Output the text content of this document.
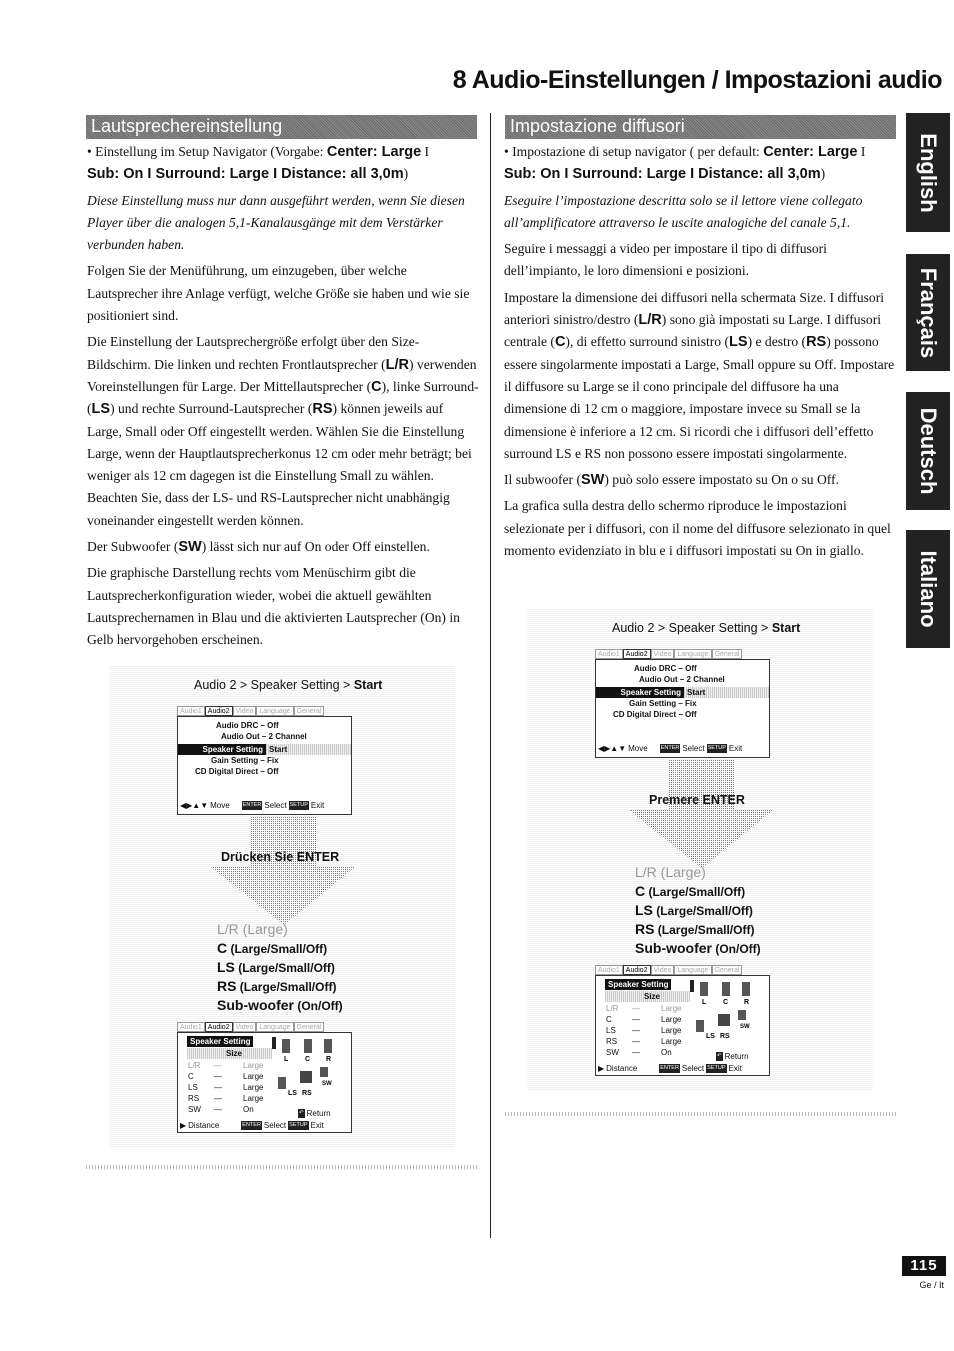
8 Audio-Einstellungen / Impostazioni audio
English
Français
Deutsch
Italiano
Lautsprechereinstellung

• Einstellung im Setup Navigator (Vorgabe: Center: Large I
Sub: On I Surround: Large I Distance: all 3,0m)

Diese Einstellung muss nur dann ausgeführt werden, wenn Sie diesen Player über die analogen 5,1-Kanalausgänge mit dem Verstärker verbunden haben.

Folgen Sie der Menüführung, um einzugeben, über welche Lautsprecher ihre Anlage verfügt, welche Größe sie haben und wie sie positioniert sind.

Die Einstellung der Lautsprechergröße erfolgt über den Size-Bildschirm. Die linken und rechten Frontlautsprecher (L/R) verwenden Voreinstellungen für Large. Der Mittellautsprecher (C), linke Surround- (LS) und rechte Surround-Lautsprecher (RS) können jeweils auf Large, Small oder Off eingestellt werden. Wählen Sie die Einstellung Large, wenn der Hauptlautsprecherkonus 12 cm oder mehr beträgt; bei weniger als 12 cm dagegen ist die Einstellung Small zu wählen. Beachten Sie, dass der LS- und RS-Lautsprecher nicht unabhängig voneinander eingestellt werden können.

Der Subwoofer (SW) lässt sich nur auf On oder Off einstellen.

Die graphische Darstellung rechts vom Menüschirm gibt die Lautsprecherkonfiguration wieder, wobei die aktuell gewählten Lautsprechernamen in Blau und die aktivierten Lautsprecher (On) in Gelb hervorgehoben erscheinen.

Audio 2 > Speaker Setting > Start
Audio1 Audio2 Video Language General
Audio DRC – Off
Audio Out – 2 Channel
Speaker Setting Start
Gain Setting – Fix
CD Digital Direct – Off
◀▶▲▼ Move ENTER Select SETUP Exit
Drücken Sie ENTER
L/R (Large)
C (Large/Small/Off)
LS (Large/Small/Off)
RS (Large/Small/Off)
Sub-woofer (On/Off)
Audio1 Audio2 Video Language General
Speaker Setting
Size
L/R —	Large
C	—	Large
LS —	Large
RS —	Large
SW —	On
L C R
SW
LS RS
↶ Return
▶ Distance	ENTER Select SETUP Exit
Impostazione diffusori

• Impostazione di setup navigator ( per default: Center: Large I
Sub: On I Surround: Large I Distance: all 3,0m)

Eseguire l’impostazione descritta solo se il lettore viene collegato all’amplificatore attraverso le uscite analogiche del canale 5,1.

Seguire i messaggi a video per impostare il tipo di diffusori dell’impianto, le loro dimensioni e posizioni.

Impostare la dimensione dei diffusori nella schermata Size. I diffusori anteriori sinistro/destro (L/R) sono già impostati su Large. I diffusori centrale (C), di effetto surround sinistro (LS) e destro (RS) possono essere singolarmente impostati a Large, Small oppure su Off. Impostare il diffusore su Large se il cono principale del diffusore ha una dimensione di 12 cm o maggiore, impostare invece su Small se la dimensione è inferiore a 12 cm. Si ricordi che i diffusori dell’effetto surround LS e RS non possono essere impostati singolarmente.

Il subwoofer (SW) può solo essere impostato su On o su Off.

La grafica sulla destra dello schermo riproduce le impostazioni selezionate per i diffusori, con il nome del diffusore selezionato in quel momento evidenziato in blu e i diffusori impostati su On in giallo.

Audio 2 > Speaker Setting > Start
Audio1 Audio2 Video Language General
Audio DRC – Off
Audio Out – 2 Channel
Speaker Setting Start
Gain Setting – Fix
CD Digital Direct – Off
◀▶▲▼ Move ENTER Select SETUP Exit
Premere ENTER
L/R (Large)
C (Large/Small/Off)
LS (Large/Small/Off)
RS (Large/Small/Off)
Sub-woofer (On/Off)
Audio1 Audio2 Video Language General
Speaker Setting
Size
L/R —	Large
C	—	Large
LS —	Large
RS —	Large
SW —	On
L C R
SW
LS RS
↶ Return
▶ Distance	ENTER Select SETUP Exit
115
Ge / It
